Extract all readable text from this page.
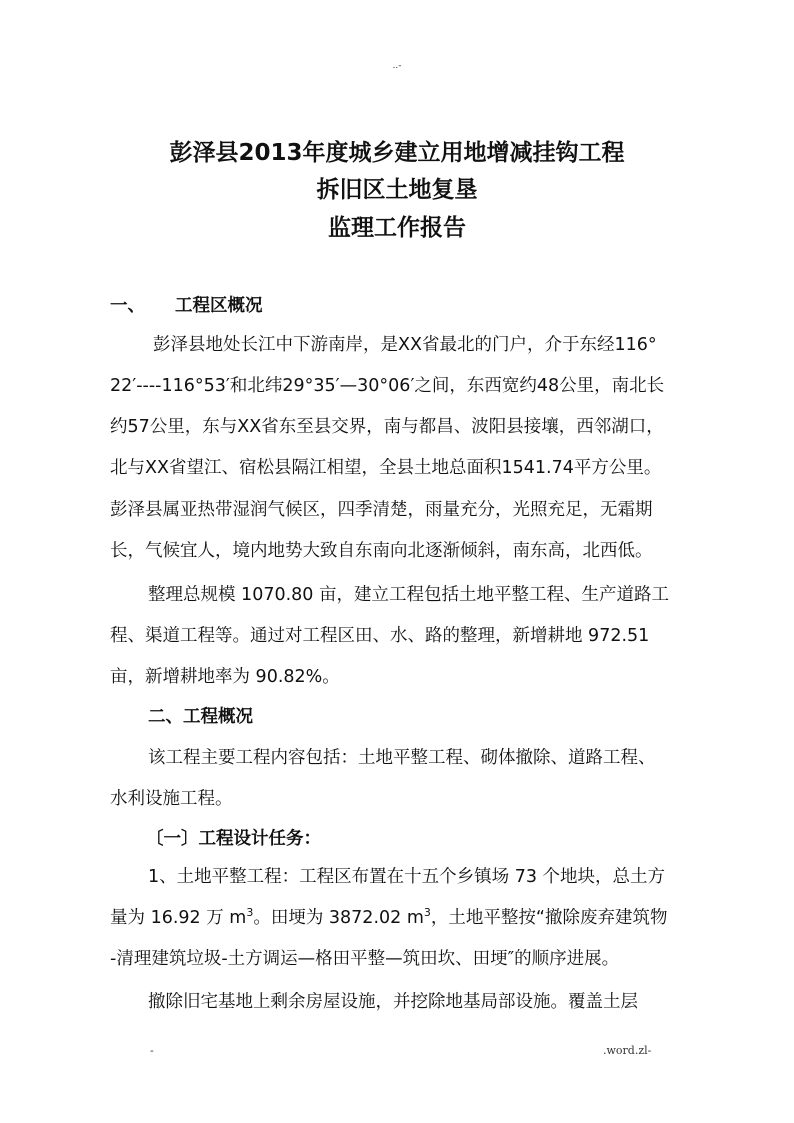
..-
彭泽县2013年度城乡建立用地增减挂钩工程
拆旧区土地复垦
监理工作报告
一、 工程区概况
彭泽县地处长江中下游南岸，是XX省最北的门户，介于东经116°
22′----116°53′和北纬29°35′—30°06′之间，东西宽约48公里，南北长
约57公里，东与XX省东至县交界，南与都昌、波阳县接壤，西邻湖口，
北与XX省望江、宿松县隔江相望，全县土地总面积1541.74平方公里。
彭泽县属亚热带湿润气候区，四季清楚，雨量充分，光照充足，无霜期
长，气候宜人，境内地势大致自东南向北逐渐倾斜，南东高，北西低。
整理总规模 1070.80 亩，建立工程包括土地平整工程、生产道路工
程、渠道工程等。通过对工程区田、水、路的整理，新增耕地 972.51
亩，新增耕地率为 90.82%。
二、工程概况
该工程主要工程内容包括：土地平整工程、砌体撤除、道路工程、
水利设施工程。
〔一〕工程设计任务：
1、土地平整工程：工程区布置在十五个乡镇场 73 个地块，总土方
量为 16.92 万 $m^3$。田埂为 3872.02 $m^3$，土地平整按“撤除废弃建筑物
-清理建筑垃圾-土方调运—格田平整—筑田坎、田埂″的顺序进展。
撤除旧宅基地上剩余房屋设施，并挖除地基局部设施。覆盖土层
-	.word.zl-
